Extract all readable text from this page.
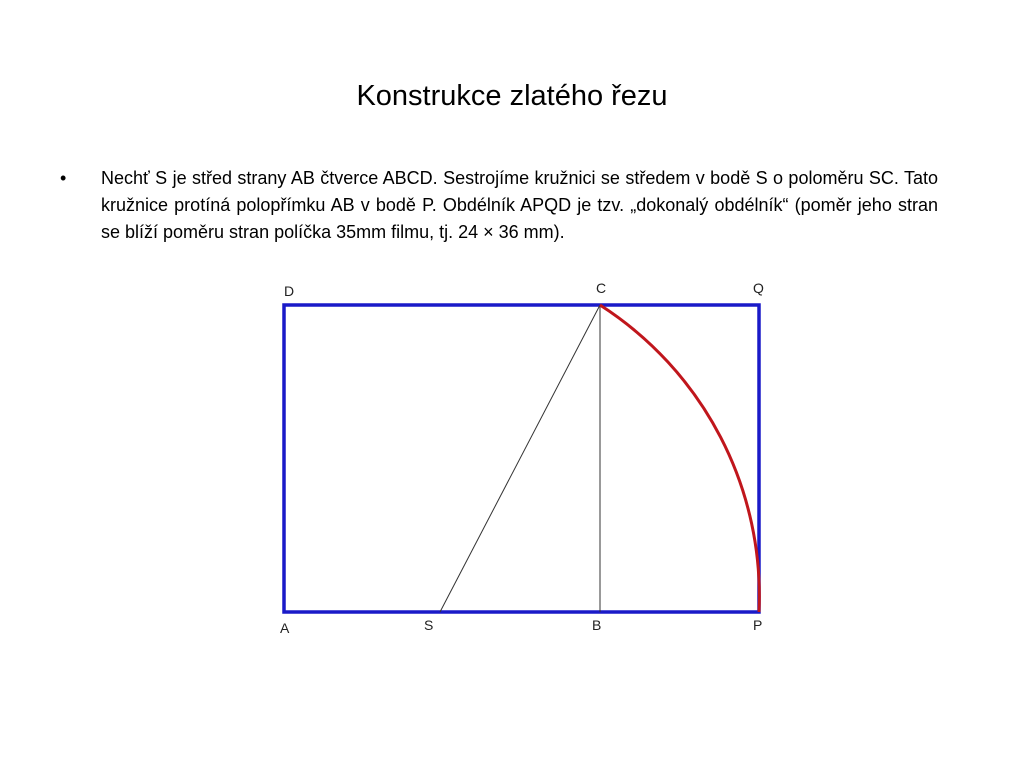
Konstrukce zlatého řezu
• Nechť S je střed strany AB čtverce ABCD. Sestrojíme kružnici se středem v bodě S o poloměru SC. Tato kružnice protíná polopřímku AB v bodě P. Obdélník APQD je tzv. „dokonalý obdélník“ (poměr jeho stran se blíží poměru stran políčka 35mm filmu, tj. 24 × 36 mm).

D	C	Q
A	S	B	P
